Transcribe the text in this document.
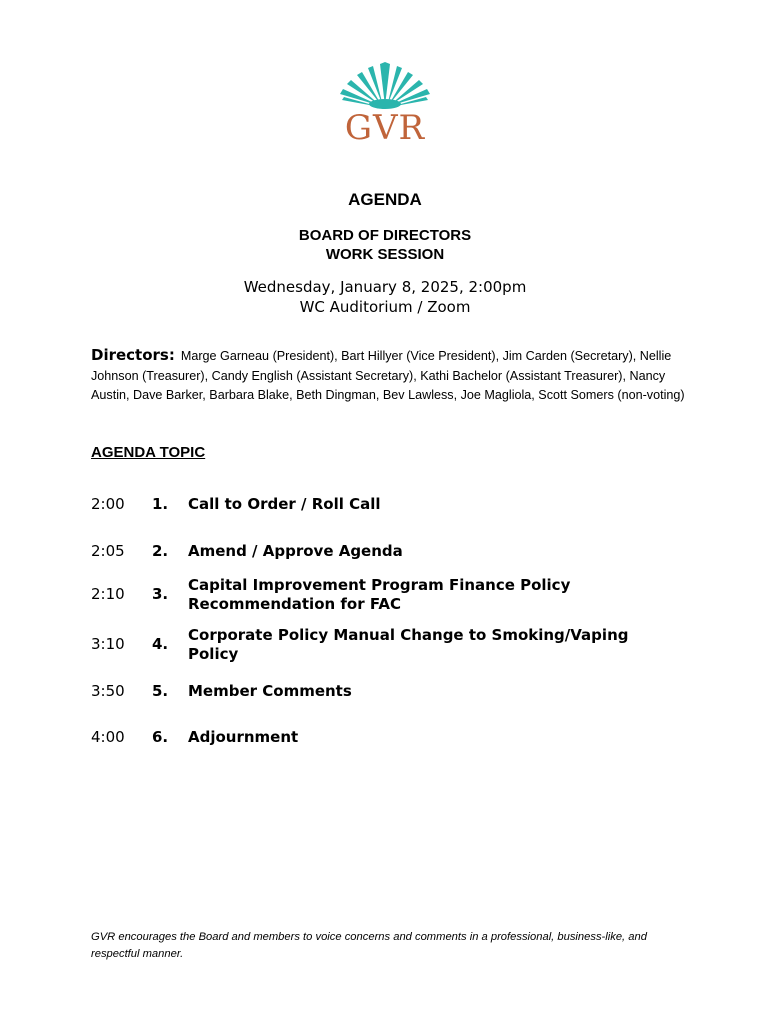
GVR
AGENDA
BOARD OF DIRECTORS
WORK SESSION
Wednesday, January 8, 2025, 2:00pm
WC Auditorium / Zoom
Directors: Marge Garneau (President), Bart Hillyer (Vice President), Jim Carden (Secretary), Nellie Johnson (Treasurer), Candy English (Assistant Secretary), Kathi Bachelor (Assistant Treasurer), Nancy Austin, Dave Barker, Barbara Blake, Beth Dingman, Bev Lawless, Joe Magliola, Scott Somers (non-voting)
AGENDA TOPIC
2:00	1. Call to Order / Roll Call
2:05	2. Amend / Approve Agenda
2:10	3. Capital Improvement Program Finance Policy
Recommendation for FAC
3:10	4. Corporate Policy Manual Change to Smoking/Vaping
Policy
3:50	5. Member Comments
4:00	6. Adjournment
GVR encourages the Board and members to voice concerns and comments in a professional, business-like, and respectful manner.
